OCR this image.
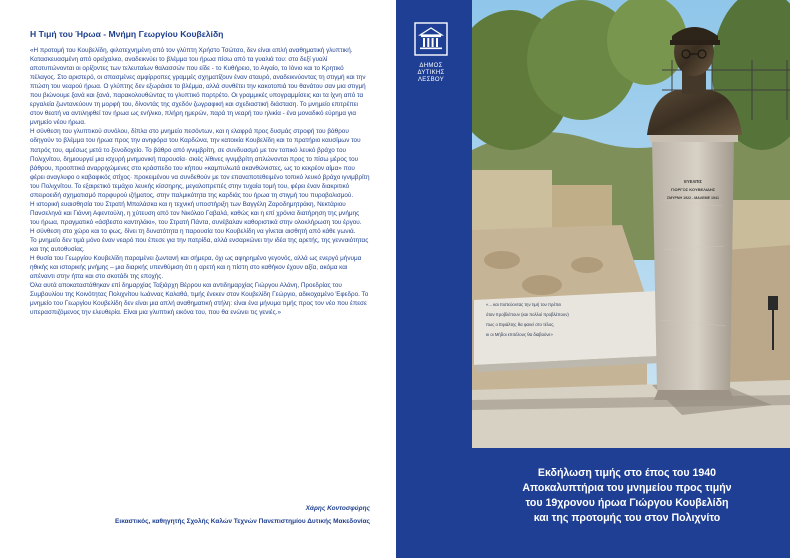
Η Τιμή του Ήρωα - Μνήμη Γεωργίου Κουβελίδη

«Η προτομή του Κουβελίδη, φιλοτεχνημένη από τον γλύπτη Χρήστο Τσώτσο, δεν είναι απλή αναθηματική γλυπτική. Κατασκευασμένη από ορείχαλκο, αναδεικνύει το βλέμμα του ήρωα πίσω από τα γυαλιά του: στο δεξί γυαλί αποτυπώνονται οι ορίζοντες των τελευταίων θαλασσών που είδε - το Κυθήρειο, το Αιγαίο, το Ιόνιο και το Κρητικό πέλαγος. Στο αριστερό, οι σπασμένες αμφίρροπες γραμμές σχηματίζουν έναν σταυρό, αναδεικνύοντας τη στιγμή και την πτώση του νεαρού ήρωα. Ο γλύπτης δεν εξωράισε το βλέμμα, αλλά συνθέτει την κακοτοπιά του θανάτου σαν μια στιγμή που βιώνουμε ξανά και ξανά, παρακολουθώντας το γλυπτικό πορτρέτο. Οι γραμμικές υπογραμμίσεις και τα ίχνη από τα εργαλεία ζωντανεύουν τη μορφή του, δίνοντάς της σχεδόν ζωγραφική και σχεδιαστική διάσταση. Το μνημείο επιτρέπει στον θεατή να αντιληφθεί τον ήρωα ως ενήλικο, πλήρη ημερών, παρά τη νεαρή του ηλικία - ένα μοναδικό εύρημα για μνημείο νέου ήρωα.

Η σύνθεση του γλυπτικού συνόλου, δίπλα στο μνημείο πεσόντων, και η ελαφρά προς δυσμάς στροφή του βάθρου οδηγούν το βλέμμα του ήρωα προς την ανηφόρα του Καρδώνα, την κατοικία Κουβελίδη και το πρατήριο καυσίμων του πατρός του, αμέσως μετά το ξενοδοχείο. Το βάθρο από ιγνιμβρίτη, σε συνδυασμό με τον τοπικό λευκό βράχο του Πολιχνίτου, δημιουργεί μια ισχυρή μνημονική παρουσία· σκιές λίθινες ιγνιμβρίτη απλώνονται προς το πίσω μέρος του βάθρου, προοπτικά αναρριχώμενες στο κράσπεδο του κήπου «καμπυλωτά ακανθώνιστες, ως το κεκρέον αίμα» που φέρει αναγλυφο ο καβαφικός στίχος· προκειμένου να συνδεθούν με τον επαναποτεθειμένο τοπικό λευκό βράχο ιγνιμβρίτη του Πολιχνίτου. Το εξαιρετικό τεμάχιο λευκής κίσσηρης, μεγαλοπρεπές στην τυχαία τομή του, φέρει έναν διακριτικό σπειροειδή σχηματισμό πορφυρού ιζήματος, στην παλμικότητα της καρδιάς του ήρωα τη στιγμή του πυροβολισμού.

Η ιστορική ευαισθησία του Στρατή Μπαλάσκα και η τεχνική υποστήριξη των Βαγγέλη Ζαροδημητράκη, Νεκτάριου Πανσεληνά και Γιάννη Αφεντούλη, η χύτευση από τον Νικόλαο Γαβαλά, καθώς και η επί χρόνια διατήρηση της μνήμης του ήρωα, πραγματικό «άσβεστο καντηλάκι», του Στρατή Πάντα, συνέβαλαν καθοριστικά στην ολοκλήρωση του έργου.

Η σύνθεση στο χώρο και το φως, δίνει τη δυνατότητα η παρουσία του Κουβελίδη να γίνεται αισθητή από κάθε γωνιά.

Το μνημείο δεν τιμά μόνο έναν νεαρό που έπεσε για την πατρίδα, αλλά ενσαρκώνει την ιδέα της αρετής, της γενναιότητας και της αυτοθυσίας.

Η θυσία του Γεωργίου Κουβελίδη παραμένει ζωντανή και σήμερα, όχι ως αφηρημένο γεγονός, αλλά ως ενεργό μήνυμα ηθικής και ιστορικής μνήμης – μια διαρκής υπενθύμιση ότι η αρετή και η πίστη στο καθήκον έχουν αξία, ακόμα και απέναντι στην ήττα και στο σκοτάδι της εποχής.

Όλα αυτά αποκαταστάθηκαν επί δημαρχίας Ταξιάρχη Βέρρου και αντιδημαρχίας Γιώργου Αλάνη, Προεδρίας του Συμβουλίου της Κοινότητας Πολιχνίτου Ιωάννας Καλαθά, τιμής ένεκεν στον Κουβελίδη Γεώργιο, αδικοχαμένο Έφεδρο. Το μνημείο του Γεωργίου Κουβελίδη δεν είναι μια απλή αναθηματική στήλη: είναι ένα μήνυμα τιμής προς τον νέο που έπεσε υπερασπιζόμενος την ελευθερία. Είναι μια γλυπτική εικόνα του, που θα ενώνει τις γενιές.»

Χάρης Κοντοσφύρης
Εικαστικός, καθηγητής Σχολής Καλών Τεχνών Πανεπιστημίου Δυτικής Μακεδονίας
ΔΗΜΟΣ
ΔΥΤΙΚΗΣ
ΛΕΣΒΟΥ
ΕΥΕΛΠΙΣ
ΓΙΩΡΓΟΣ ΚΟΥΒΕΛΙΔΗΣ
ΣΜΥΡΝΗ 1922 - ΜΑΛΕΜΕ 1941
«... και πιστεύοντας την τιμή του πρέπει
όταν προβλέπουν (και πολλοί προβλέπουν)
πως ο Εφιάλτης θα φανεί στο τέλος,
κι οι Μήδοι επιτέλους θα διαβούνε»
Εκδήλωση τιμής στο έπος του 1940
Αποκαλυπτήρια του μνημείου προς τιμήν
του 19χρονου ήρωα Γιώργου Κουβελίδη
και της προτομής του στον Πολιχνίτο
